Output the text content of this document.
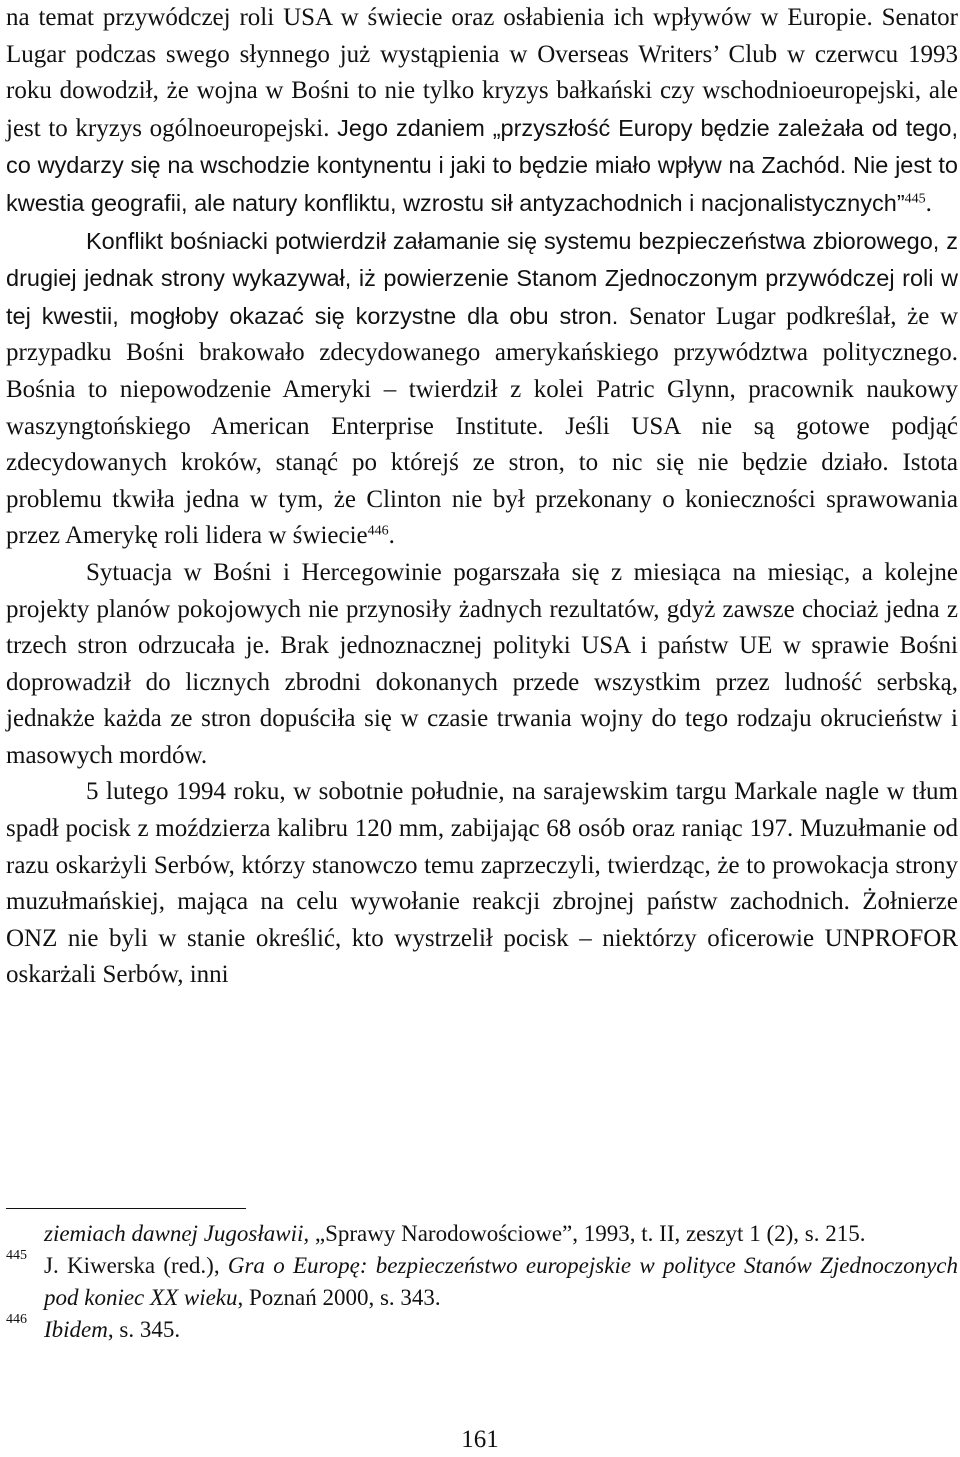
na temat przywódczej roli USA w świecie oraz osłabienia ich wpływów w Europie. Senator Lugar podczas swego słynnego już wystąpienia w Overseas Writers’ Club w czerwcu 1993 roku dowodził, że wojna w Bośni to nie tylko kryzys bałkański czy wschodnioeuropejski, ale jest to kryzys ogólnoeuropejski. Jego zdaniem „przyszłość Europy będzie zależała od tego, co wydarzy się na wschodzie kontynentu i jaki to będzie miało wpływ na Zachód. Nie jest to kwestia geografii, ale natury konfliktu, wzrostu sił antyzachodnich i nacjonalistycznych”$^{445}$.

Konflikt bośniacki potwierdził załamanie się systemu bezpieczeństwa zbiorowego, z drugiej jednak strony wykazywał, iż powierzenie Stanom Zjednoczonym przywódczej roli w tej kwestii, mogłoby okazać się korzystne dla obu stron. Senator Lugar podkreślał, że w przypadku Bośni brakowało zdecydowanego amerykańskiego przywództwa politycznego. Bośnia to niepowodzenie Ameryki – twierdził z kolei Patric Glynn, pracownik naukowy waszyngtońskiego American Enterprise Institute. Jeśli USA nie są gotowe podjąć zdecydowanych kroków, stanąć po którejś ze stron, to nic się nie będzie działo. Istota problemu tkwiła jedna w tym, że Clinton nie był przekonany o konieczności sprawowania przez Amerykę roli lidera w świecie$^{446}$.

Sytuacja w Bośni i Hercegowinie pogarszała się z miesiąca na miesiąc, a kolejne projekty planów pokojowych nie przynosiły żadnych rezultatów, gdyż zawsze chociaż jedna z trzech stron odrzucała je. Brak jednoznacznej polityki USA i państw UE w sprawie Bośni doprowadził do licznych zbrodni dokonanych przede wszystkim przez ludność serbską, jednakże każda ze stron dopuściła się w czasie trwania wojny do tego rodzaju okrucieństw i masowych mordów.

5 lutego 1994 roku, w sobotnie południe, na sarajewskim targu Markale nagle w tłum spadł pocisk z moździerza kalibru 120 mm, zabijając 68 osób oraz raniąc 197. Muzułmanie od razu oskarżyli Serbów, którzy stanowczo temu zaprzeczyli, twierdząc, że to prowokacja strony muzułmańskiej, mająca na celu wywołanie reakcji zbrojnej państw zachodnich. Żołnierze ONZ nie byli w stanie określić, kto wystrzelił pocisk – niektórzy oficerowie UNPROFOR oskarżali Serbów, inni

ziemiach dawnej Jugosławii, „Sprawy Narodowościowe”, 1993, t. II, zeszyt 1 (2), s. 215.

445 J. Kiwerska (red.), Gra o Europę: bezpieczeństwo europejskie w polityce Stanów Zjednoczonych pod koniec XX wieku, Poznań 2000, s. 343.

446 Ibidem, s. 345.

161
